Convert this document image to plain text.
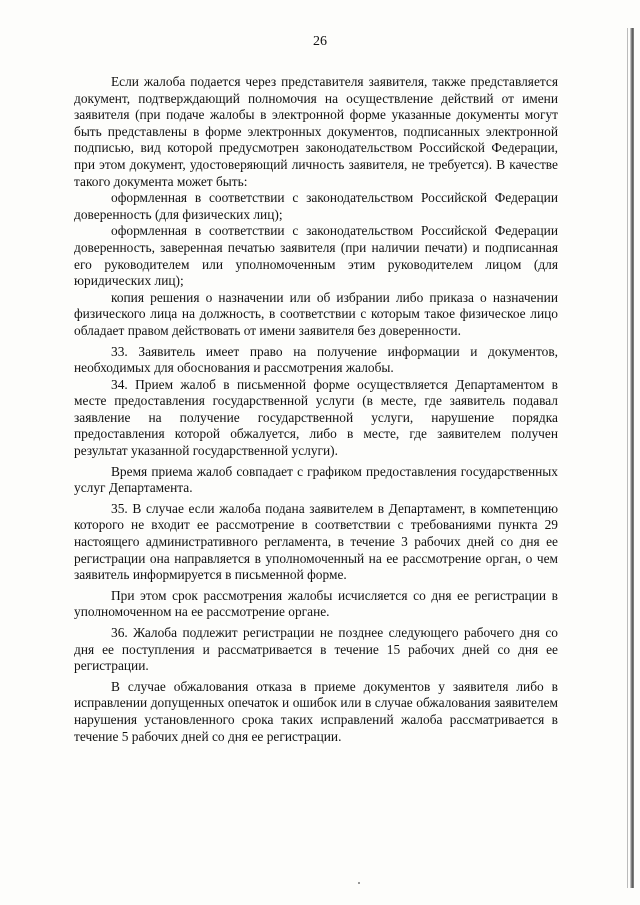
26

Если жалоба подается через представителя заявителя, также представляется документ, подтверждающий полномочия на осуществление действий от имени заявителя (при подаче жалобы в электронной форме указанные документы могут быть представлены в форме электронных документов, подписанных электронной подписью, вид которой предусмотрен законодательством Российской Федерации, при этом документ, удостоверяющий личность заявителя, не требуется). В качестве такого документа может быть:

оформленная в соответствии с законодательством Российской Федерации доверенность (для физических лиц);

оформленная в соответствии с законодательством Российской Федерации доверенность, заверенная печатью заявителя (при наличии печати) и подписанная его руководителем или уполномоченным этим руководителем лицом (для юридических лиц);

копия решения о назначении или об избрании либо приказа о назначении физического лица на должность, в соответствии с которым такое физическое лицо обладает правом действовать от имени заявителя без доверенности.

33. Заявитель имеет право на получение информации и документов, необходимых для обоснования и рассмотрения жалобы.

34. Прием жалоб в письменной форме осуществляется Департаментом в месте предоставления государственной услуги (в месте, где заявитель подавал заявление на получение государственной услуги, нарушение порядка предоставления которой обжалуется, либо в месте, где заявителем получен результат указанной государственной услуги).

Время приема жалоб совпадает с графиком предоставления государственных услуг Департамента.

35. В случае если жалоба подана заявителем в Департамент, в компетенцию которого не входит ее рассмотрение в соответствии с требованиями пункта 29 настоящего административного регламента, в течение 3 рабочих дней со дня ее регистрации она направляется в уполномоченный на ее рассмотрение орган, о чем заявитель информируется в письменной форме.

При этом срок рассмотрения жалобы исчисляется со дня ее регистрации в уполномоченном на ее рассмотрение органе.

36. Жалоба подлежит регистрации не позднее следующего рабочего дня со дня ее поступления и рассматривается в течение 15 рабочих дней со дня ее регистрации.

В случае обжалования отказа в приеме документов у заявителя либо в исправлении допущенных опечаток и ошибок или в случае обжалования заявителем нарушения установленного срока таких исправлений жалоба рассматривается в течение 5 рабочих дней со дня ее регистрации.
